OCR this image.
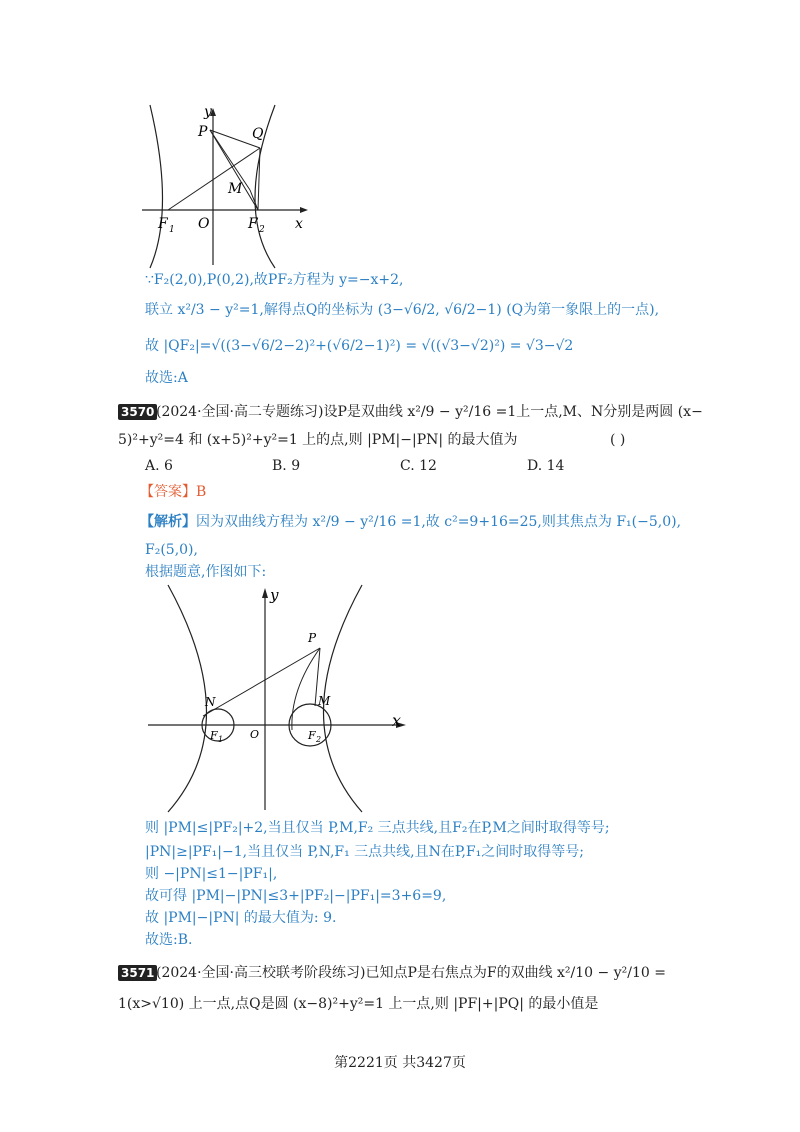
y
P	Q
M
F 1 O	F 2 x
∵F₂(2,0),P(0,2),故PF₂方程为 y=−x+2,
联立 x²/3 − y²=1,解得点Q的坐标为 (3−√6/2, √6/2−1) (Q为第一象限上的一点),
故 |QF₂|=√((3−√6/2−2)²+(√6/2−1)²) = √((√3−√2)²) = √3−√2
故选:A
3570 (2024·全国·高二专题练习)设P是双曲线 x²/9 − y²/16 =1上一点,M、N分别是两圆 (x−
5)²+y²=4 和 (x+5)²+y²=1 上的点,则 |PM|−|PN| 的最大值为	( )
A. 6	B. 9	C. 12	D. 14
【答案】B
【解析】因为双曲线方程为 x²/9 − y²/16 =1,故 c²=9+16=25,则其焦点为 F₁(−5,0),
F₂(5,0),
根据题意,作图如下:
y
P
N	M
x
F 1 O	F 2
则 |PM|≤|PF₂|+2,当且仅当 P,M,F₂ 三点共线,且F₂在P,M之间时取得等号;
|PN|≥|PF₁|−1,当且仅当 P,N,F₁ 三点共线,且N在P,F₁之间时取得等号;
则 −|PN|≤1−|PF₁|,
故可得 |PM|−|PN|≤3+|PF₂|−|PF₁|=3+6=9,
故 |PM|−|PN| 的最大值为: 9.
故选:B.
3571 (2024·全国·高三校联考阶段练习)已知点P是右焦点为F的双曲线 x²/10 − y²/10 =
1(x>√10) 上一点,点Q是圆 (x−8)²+y²=1 上一点,则 |PF|+|PQ| 的最小值是
第2221页 共3427页
